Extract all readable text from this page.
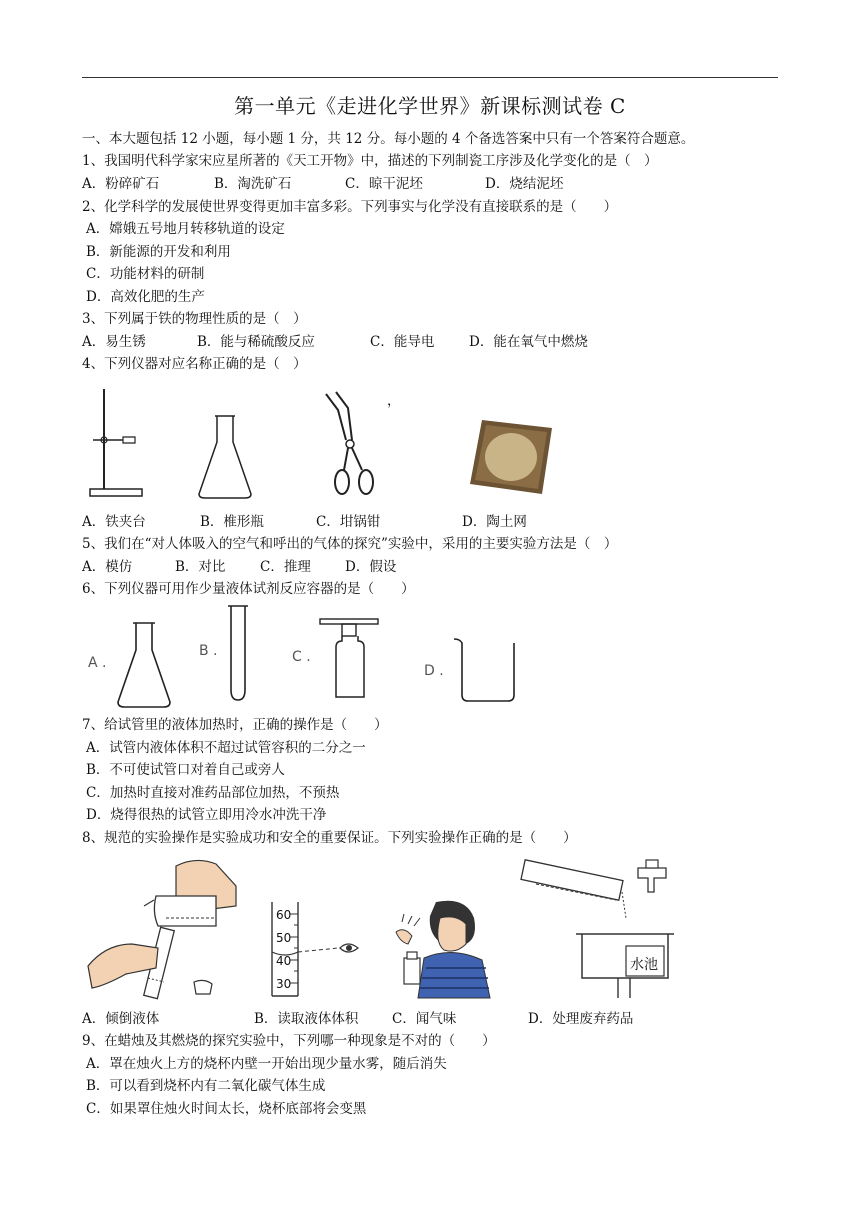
第一单元《走进化学世界》新课标测试卷 C
一、本大题包括 12 小题，每小题 1 分，共 12 分。每小题的 4 个备选答案中只有一个答案符合题意。
1、我国明代科学家宋应星所著的《天工开物》中，描述的下列制瓷工序涉及化学变化的是（　）
A．粉碎矿石	B．淘洗矿石	C．晾干泥坯	D．烧结泥坯
2、化学科学的发展使世界变得更加丰富多彩。下列事实与化学没有直接联系的是（　　）
A．嫦娥五号地月转移轨道的设定
B．新能源的开发和利用
C．功能材料的研制
D．高效化肥的生产
3、下列属于铁的物理性质的是（　）
A．易生锈	B．能与稀硫酸反应	C．能导电	D．能在氧气中燃烧
4、下列仪器对应名称正确的是（　）
，
A．铁夹台	B．椎形瓶	C．坩锅钳	D．陶土网
5、我们在“对人体吸入的空气和呼出的气体的探究”实验中，采用的主要实验方法是（　）
A．模仿	B．对比	C．推理	D．假设
6、下列仪器可用作少量液体试剂反应容器的是（　　）
A .
B .	C .
D .
7、给试管里的液体加热时，正确的操作是（　　）
A．试管内液体体积不超过试管容积的二分之一
B．不可使试管口对着自己或旁人
C．加热时直接对准药品部位加热，不预热
D．烧得很热的试管立即用冷水冲洗干净
8、规范的实验操作是实验成功和安全的重要保证。下列实验操作正确的是（　　）
60
50
40
30
水池
A．倾倒液体	B．读取液体体积 C．闻气味	D．处理废弃药品
9、在蜡烛及其燃烧的探究实验中，下列哪一种现象是不对的（　　）
A．罩在烛火上方的烧杯内壁一开始出现少量水雾，随后消失
B．可以看到烧杯内有二氧化碳气体生成
C．如果罩住烛火时间太长，烧杯底部将会变黑
